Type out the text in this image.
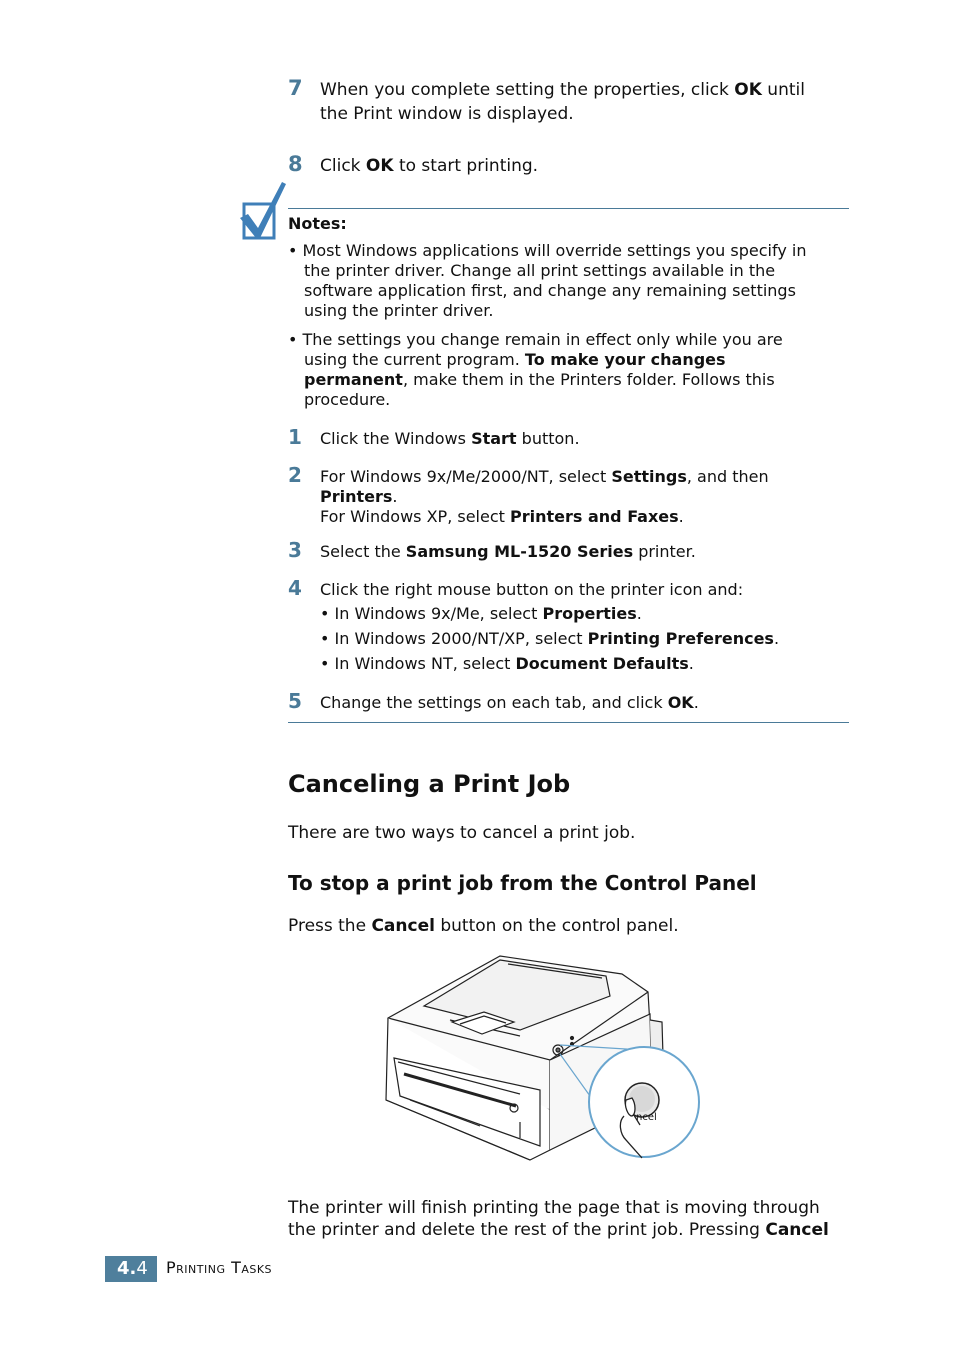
7 When you complete setting the properties, click OK until
the Print window is displayed.
8 Click OK to start printing.
Notes:
• Most Windows applications will override settings you specify in
the printer driver. Change all print settings available in the
software application first, and change any remaining settings
using the printer driver.
• The settings you change remain in effect only while you are
using the current program. To make your changes
permanent, make them in the Printers folder. Follows this
procedure.
1 Click the Windows Start button.
2 For Windows 9x/Me/2000/NT, select Settings, and then
Printers.
For Windows XP, select Printers and Faxes.
3 Select the Samsung ML-1520 Series printer.
4 Click the right mouse button on the printer icon and:
• In Windows 9x/Me, select Properties.
• In Windows 2000/NT/XP, select Printing Preferences.
• In Windows NT, select Document Defaults.
5 Change the settings on each tab, and click OK.
Canceling a Print Job
There are two ways to cancel a print job.
To stop a print job from the Control Panel
Press the Cancel button on the control panel.
ncel
The printer will finish printing the page that is moving through
the printer and delete the rest of the print job. Pressing Cancel
4.4	Printing Tasks
